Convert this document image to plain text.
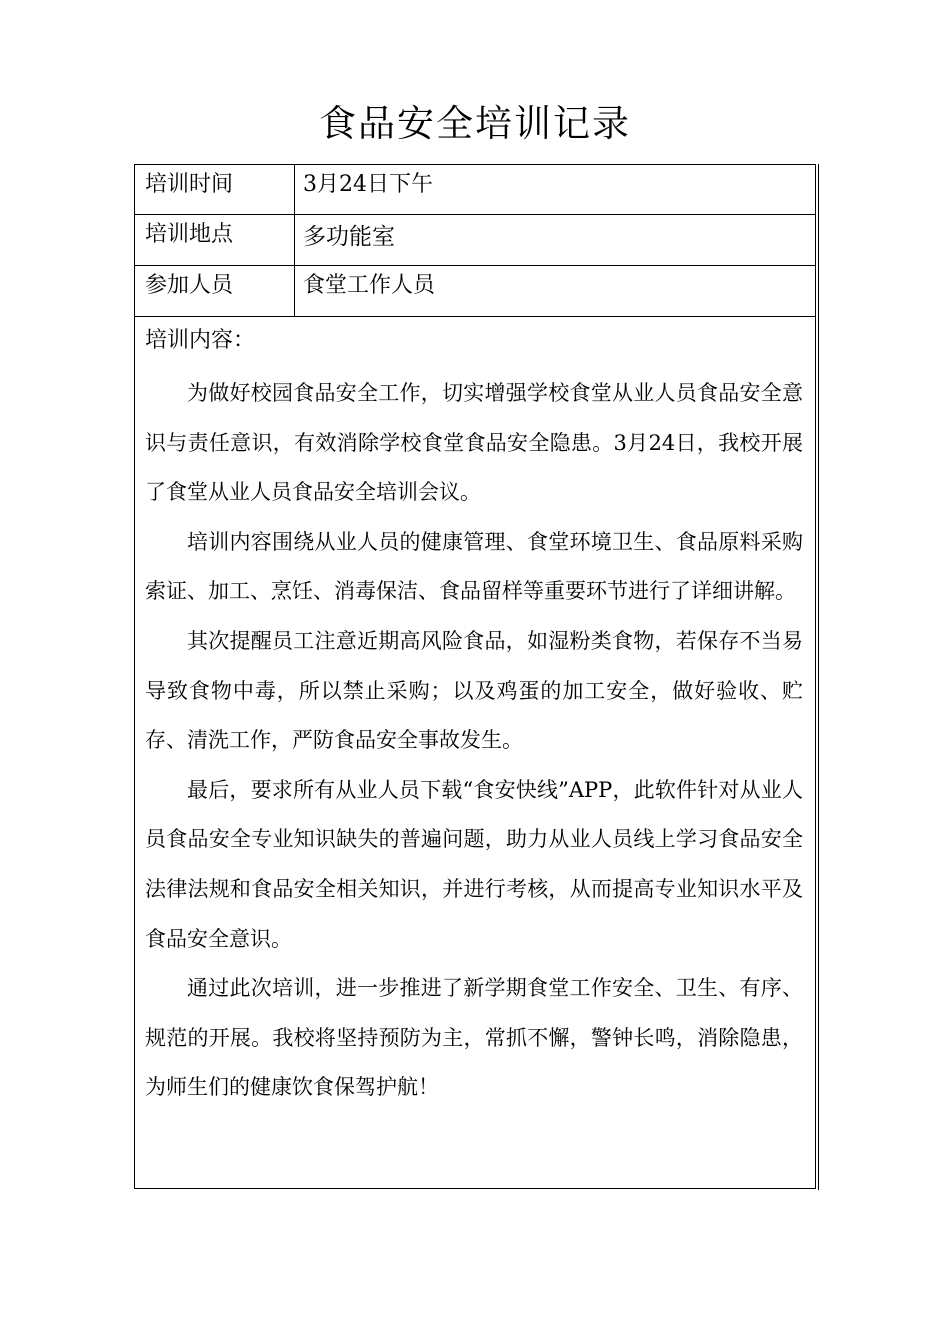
食品安全培训记录
培训时间	3月24日下午
培训地点	多功能室
参加人员	食堂工作人员
培训内容：

为做好校园食品安全工作，切实增强学校食堂从业人员食品安全意识与责任意识，有效消除学校食堂食品安全隐患。3月24日，我校开展了食堂从业人员食品安全培训会议。

培训内容围绕从业人员的健康管理、食堂环境卫生、食品原料采购索证、加工、烹饪、消毒保洁、食品留样等重要环节进行了详细讲解。

其次提醒员工注意近期高风险食品，如湿粉类食物，若保存不当易导致食物中毒，所以禁止采购；以及鸡蛋的加工安全，做好验收、贮存、清洗工作，严防食品安全事故发生。

最后，要求所有从业人员下载“食安快线”APP，此软件针对从业人员食品安全专业知识缺失的普遍问题，助力从业人员线上学习食品安全法律法规和食品安全相关知识，并进行考核，从而提高专业知识水平及食品安全意识。

通过此次培训，进一步推进了新学期食堂工作安全、卫生、有序、规范的开展。我校将坚持预防为主，常抓不懈，警钟长鸣，消除隐患，为师生们的健康饮食保驾护航！
